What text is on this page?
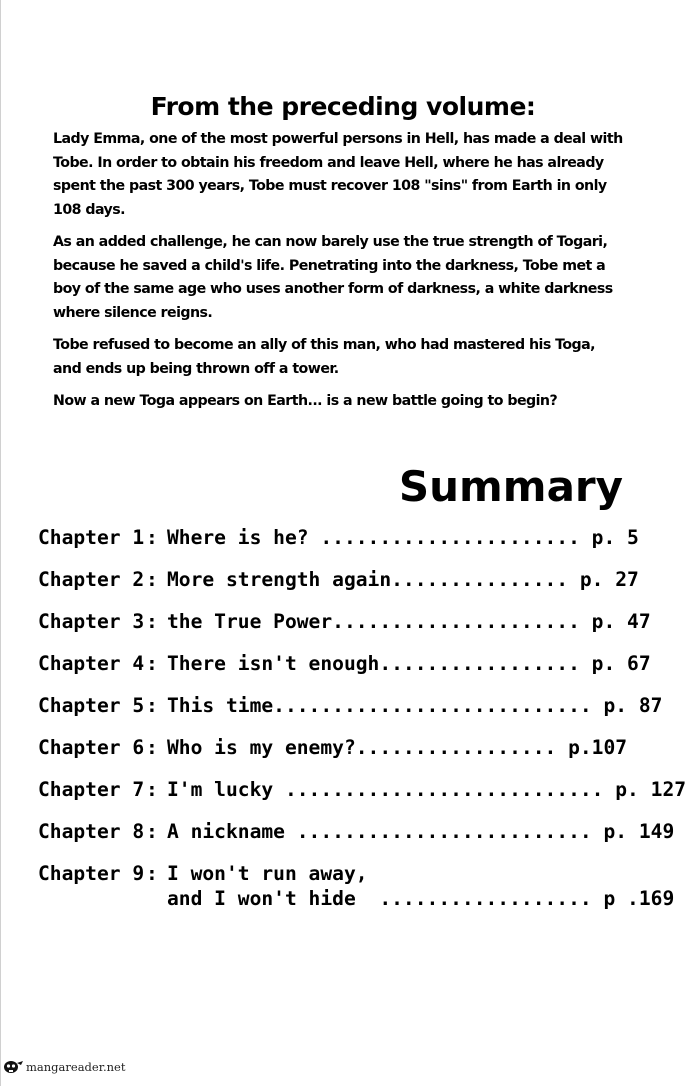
From the preceding volume:

Lady Emma, one of the most powerful persons in Hell, has made a deal with
Tobe. In order to obtain his freedom and leave Hell, where he has already
spent the past 300 years, Tobe must recover 108 "sins" from Earth in only
108 days.

As an added challenge, he can now barely use the true strength of Togari,
because he saved a child's life. Penetrating into the darkness, Tobe met a
boy of the same age who uses another form of darkness, a white darkness
where silence reigns.

Tobe refused to become an ally of this man, who had mastered his Toga,
and ends up being thrown off a tower.

Now a new Toga appears on Earth... is a new battle going to begin?

Summary

Chapter 1

:

Where is he? ...................... p. 5

Chapter 2

:

More strength again............... p. 27

Chapter 3

:

the True Power..................... p. 47

Chapter 4

:

There isn't enough................. p. 67

Chapter 5

:

This time........................... p. 87

Chapter 6

:

Who is my enemy?................. p.107

Chapter 7

:

I'm lucky ........................... p. 127

Chapter 8

:

A nickname ......................... p. 149

Chapter 9

:

I won't run away,

and I won't hide  .................. p .169

mangareader.net
